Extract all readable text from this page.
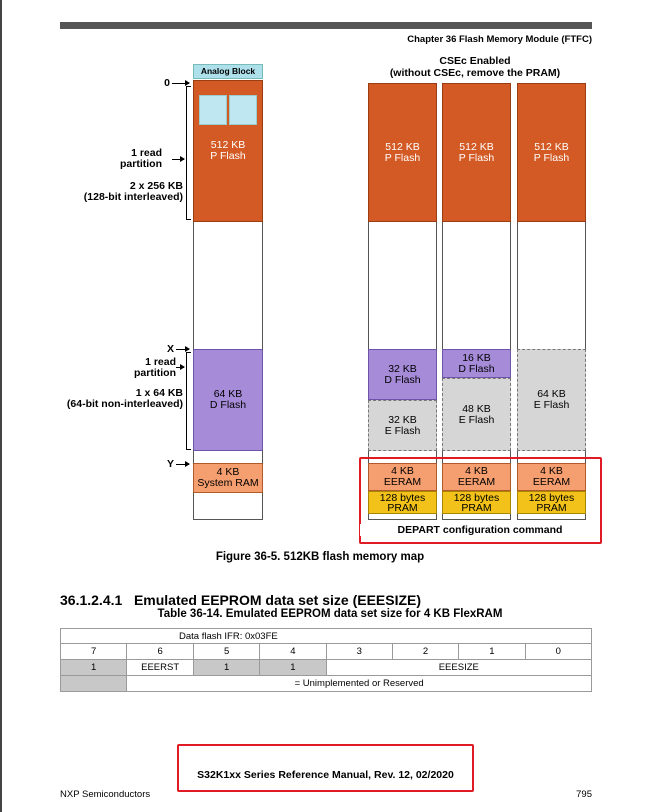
Chapter 36 Flash Memory Module (FTFC)
Analog Block
512 KB
P Flash
64 KB
D Flash
4 KB
System RAM
0
1 read
partition
2 x 256 KB
(128-bit interleaved)
X
1 read
partition
1 x 64 KB
(64-bit non-interleaved)
Y
CSEc Enabled
(without CSEc, remove the PRAM)
512 KB
P Flash
32 KB
D Flash
32 KB
E Flash
4 KB
EERAM
128 bytes
PRAM
512 KB
P Flash
16 KB
D Flash
48 KB
E Flash
4 KB
EERAM
128 bytes
PRAM
512 KB
P Flash
64 KB
E Flash
4 KB
EERAM
128 bytes
PRAM
DEPART configuration command
Figure 36-5. 512KB flash memory map
36.1.2.4.1 Emulated EEPROM data set size (EEESIZE)
Table 36-14. Emulated EEPROM data set size for 4 KB FlexRAM
Data flash IFR: 0x03FE							
7	6	5	4	3	2	1	0
1	EEERST	1	1	EEESIZE			
	= Unimplemented or Reserved						
S32K1xx Series Reference Manual, Rev. 12, 02/2020
NXP Semiconductors	795
